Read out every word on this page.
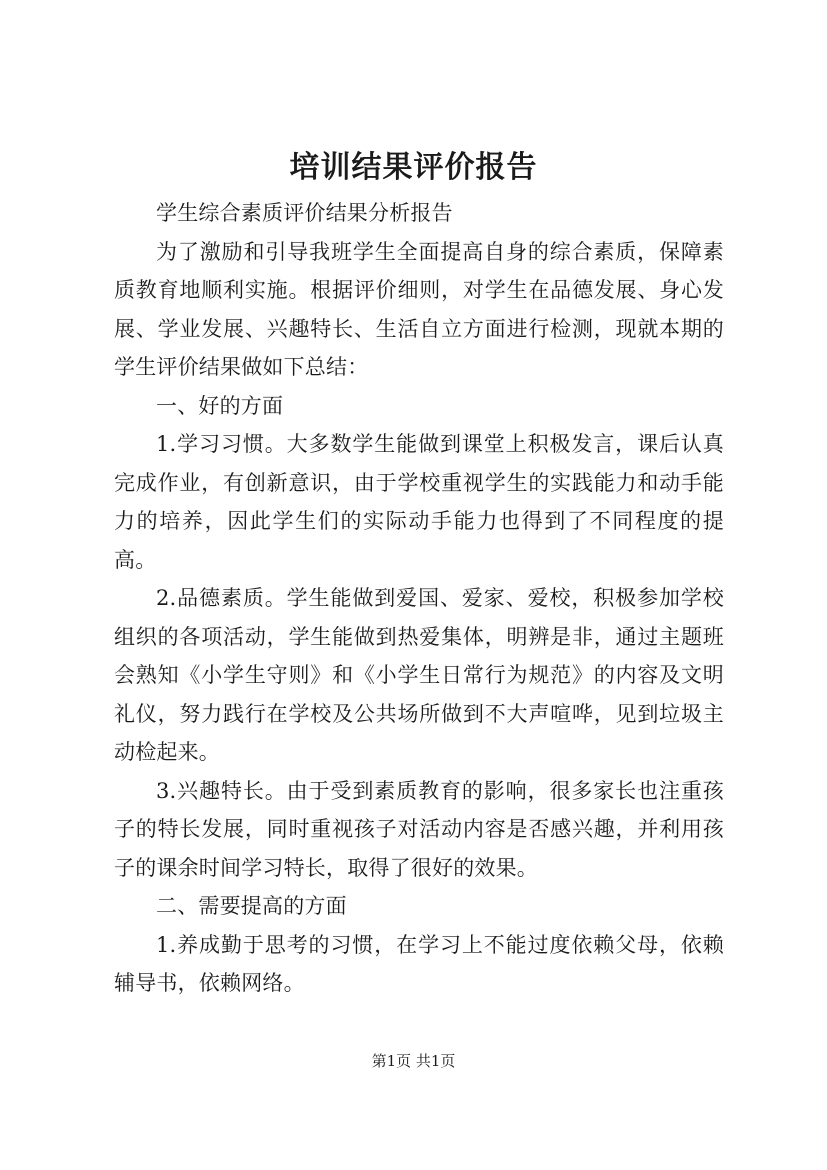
培训结果评价报告

学生综合素质评价结果分析报告

为了激励和引导我班学生全面提高自身的综合素质，保障素质教育地顺利实施。根据评价细则，对学生在品德发展、身心发展、学业发展、兴趣特长、生活自立方面进行检测，现就本期的学生评价结果做如下总结：

一、好的方面

1.学习习惯。大多数学生能做到课堂上积极发言，课后认真完成作业，有创新意识，由于学校重视学生的实践能力和动手能力的培养，因此学生们的实际动手能力也得到了不同程度的提高。

2.品德素质。学生能做到爱国、爱家、爱校，积极参加学校组织的各项活动，学生能做到热爱集体，明辨是非，通过主题班会熟知《小学生守则》和《小学生日常行为规范》的内容及文明礼仪，努力践行在学校及公共场所做到不大声喧哗，见到垃圾主动检起来。

3.兴趣特长。由于受到素质教育的影响，很多家长也注重孩子的特长发展，同时重视孩子对活动内容是否感兴趣，并利用孩子的课余时间学习特长，取得了很好的效果。

二、需要提高的方面

1.养成勤于思考的习惯，在学习上不能过度依赖父母，依赖辅导书，依赖网络。

第1页 共1页
